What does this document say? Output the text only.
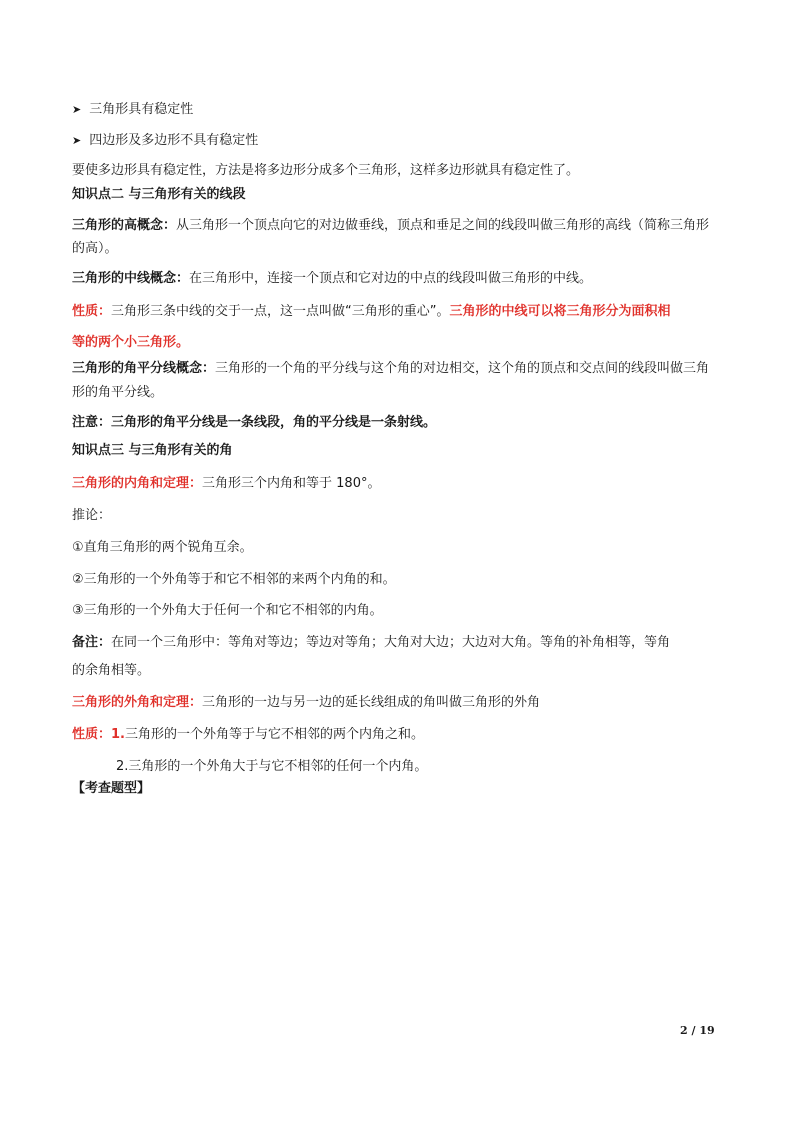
➤ 三角形具有稳定性
➤ 四边形及多边形不具有稳定性
要使多边形具有稳定性，方法是将多边形分成多个三角形，这样多边形就具有稳定性了。
知识点二 与三角形有关的线段
三角形的高概念：从三角形一个顶点向它的对边做垂线，顶点和垂足之间的线段叫做三角形的高线（简称三角形
的高）。
三角形的中线概念：在三角形中，连接一个顶点和它对边的中点的线段叫做三角形的中线。
性质：三角形三条中线的交于一点，这一点叫做“三角形的重心”。三角形的中线可以将三角形分为面积相
等的两个小三角形。
三角形的角平分线概念：三角形的一个角的平分线与这个角的对边相交，这个角的顶点和交点间的线段叫做三角
形的角平分线。
注意：三角形的角平分线是一条线段，角的平分线是一条射线。
知识点三 与三角形有关的角
三角形的内角和定理：三角形三个内角和等于 180°。
推论：
①直角三角形的两个锐角互余。
②三角形的一个外角等于和它不相邻的来两个内角的和。
③三角形的一个外角大于任何一个和它不相邻的内角。
备注：在同一个三角形中：等角对等边；等边对等角；大角对大边；大边对大角。等角的补角相等，等角
的余角相等。
三角形的外角和定理：三角形的一边与另一边的延长线组成的角叫做三角形的外角
性质：1.三角形的一个外角等于与它不相邻的两个内角之和。
2.三角形的一个外角大于与它不相邻的任何一个内角。
【考查题型】
2 / 19
